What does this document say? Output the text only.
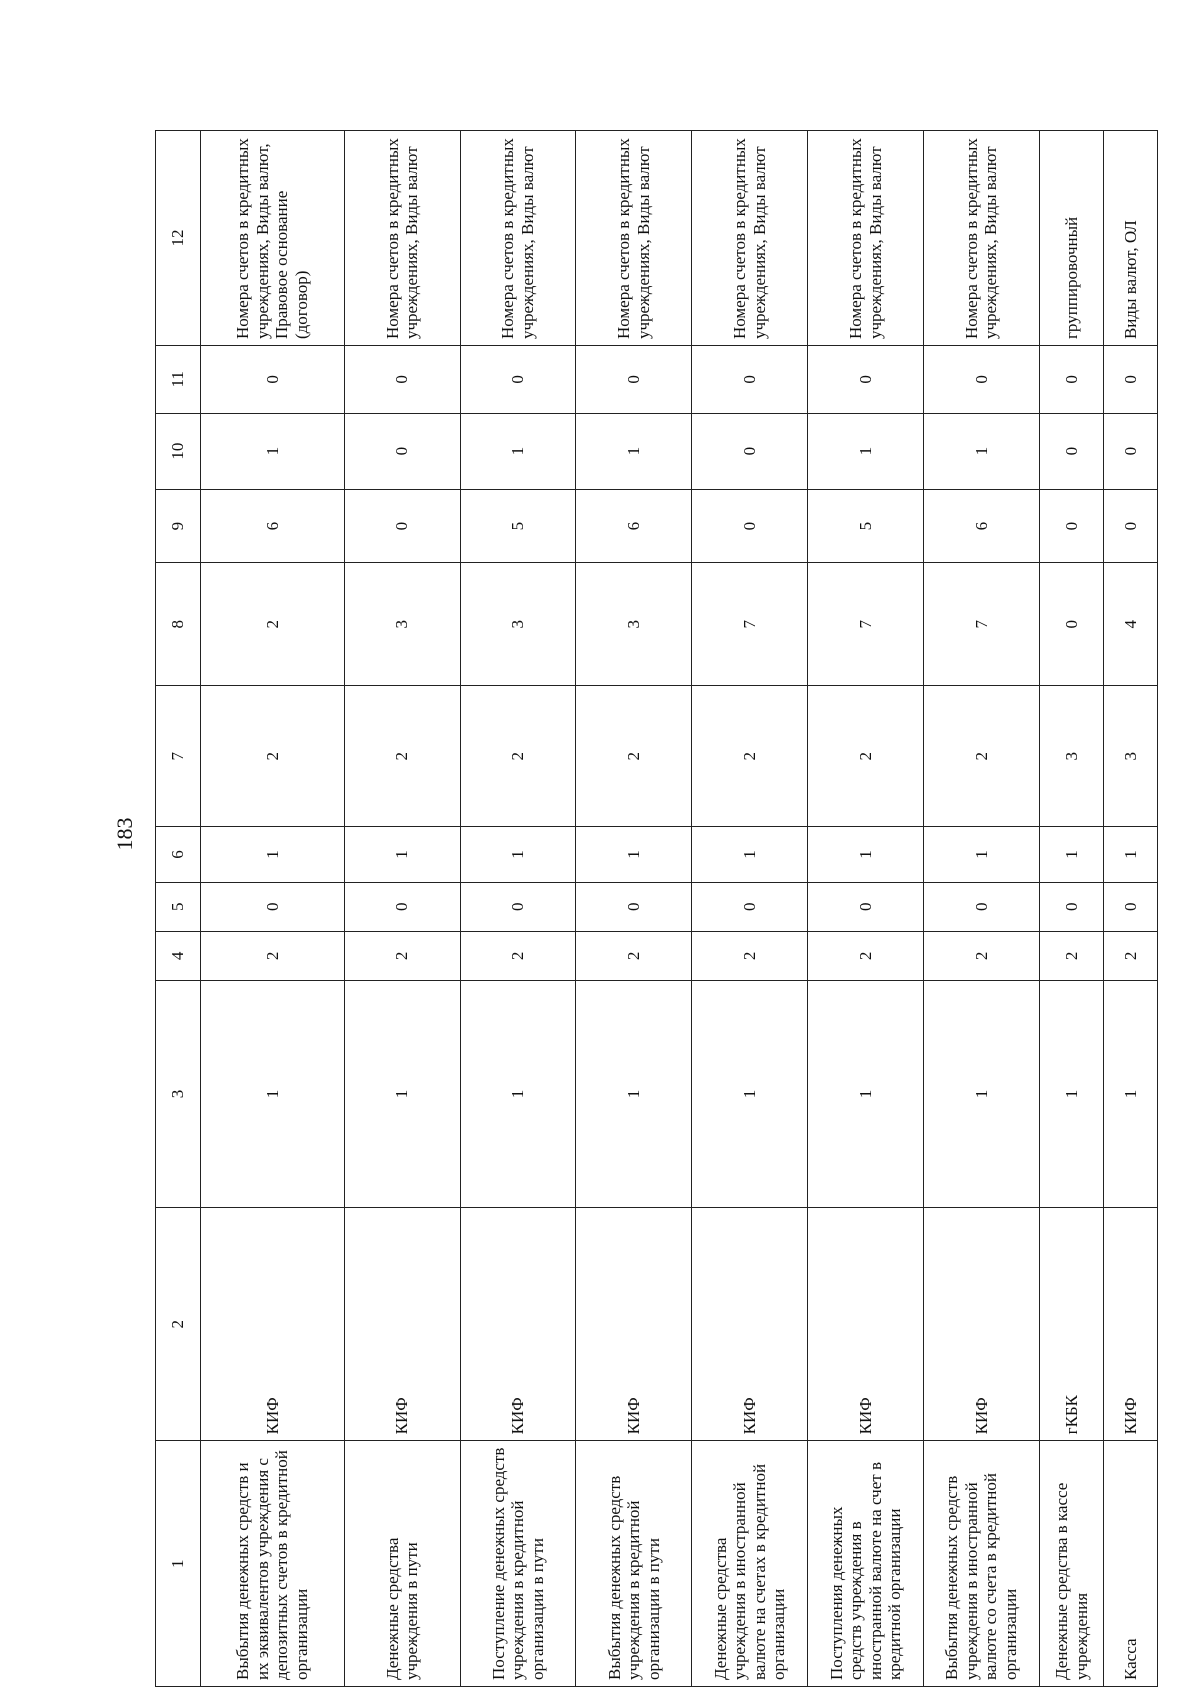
183
1	2	3	4	5	6	7	8	9	10	11	12
Выбытия денежных средств и их эквивалентов учреждения с депозитных счетов в кредитной организации	КИФ	1	2	0	1	2	2	6	1	0	Номера счетов в кредитных учреждениях, Виды валют, Правовое основание (договор)
Денежные средства учреждения в пути	КИФ	1	2	0	1	2	3	0	0	0	Номера счетов в кредитных учреждениях, Виды валют
Поступление денежных средств учреждения в кредитной организации в пути	КИФ	1	2	0	1	2	3	5	1	0	Номера счетов в кредитных учреждениях, Виды валют
Выбытия денежных средств учреждения в кредитной организации в пути	КИФ	1	2	0	1	2	3	6	1	0	Номера счетов в кредитных учреждениях, Виды валют
Денежные средства учреждения в иностранной валюте на счетах в кредитной организации	КИФ	1	2	0	1	2	7	0	0	0	Номера счетов в кредитных учреждениях, Виды валют
Поступления денежных средств учреждения в иностранной валюте на счет в кредитной организации	КИФ	1	2	0	1	2	7	5	1	0	Номера счетов в кредитных учреждениях, Виды валют
Выбытия денежных средств учреждения в иностранной валюте со счета в кредитной организации	КИФ	1	2	0	1	2	7	6	1	0	Номера счетов в кредитных учреждениях, Виды валют
Денежные средства в кассе учреждения	гКБК	1	2	0	1	3	0	0	0	0	группировочный
Касса	КИФ	1	2	0	1	3	4	0	0	0	Виды валют, ОЛ
